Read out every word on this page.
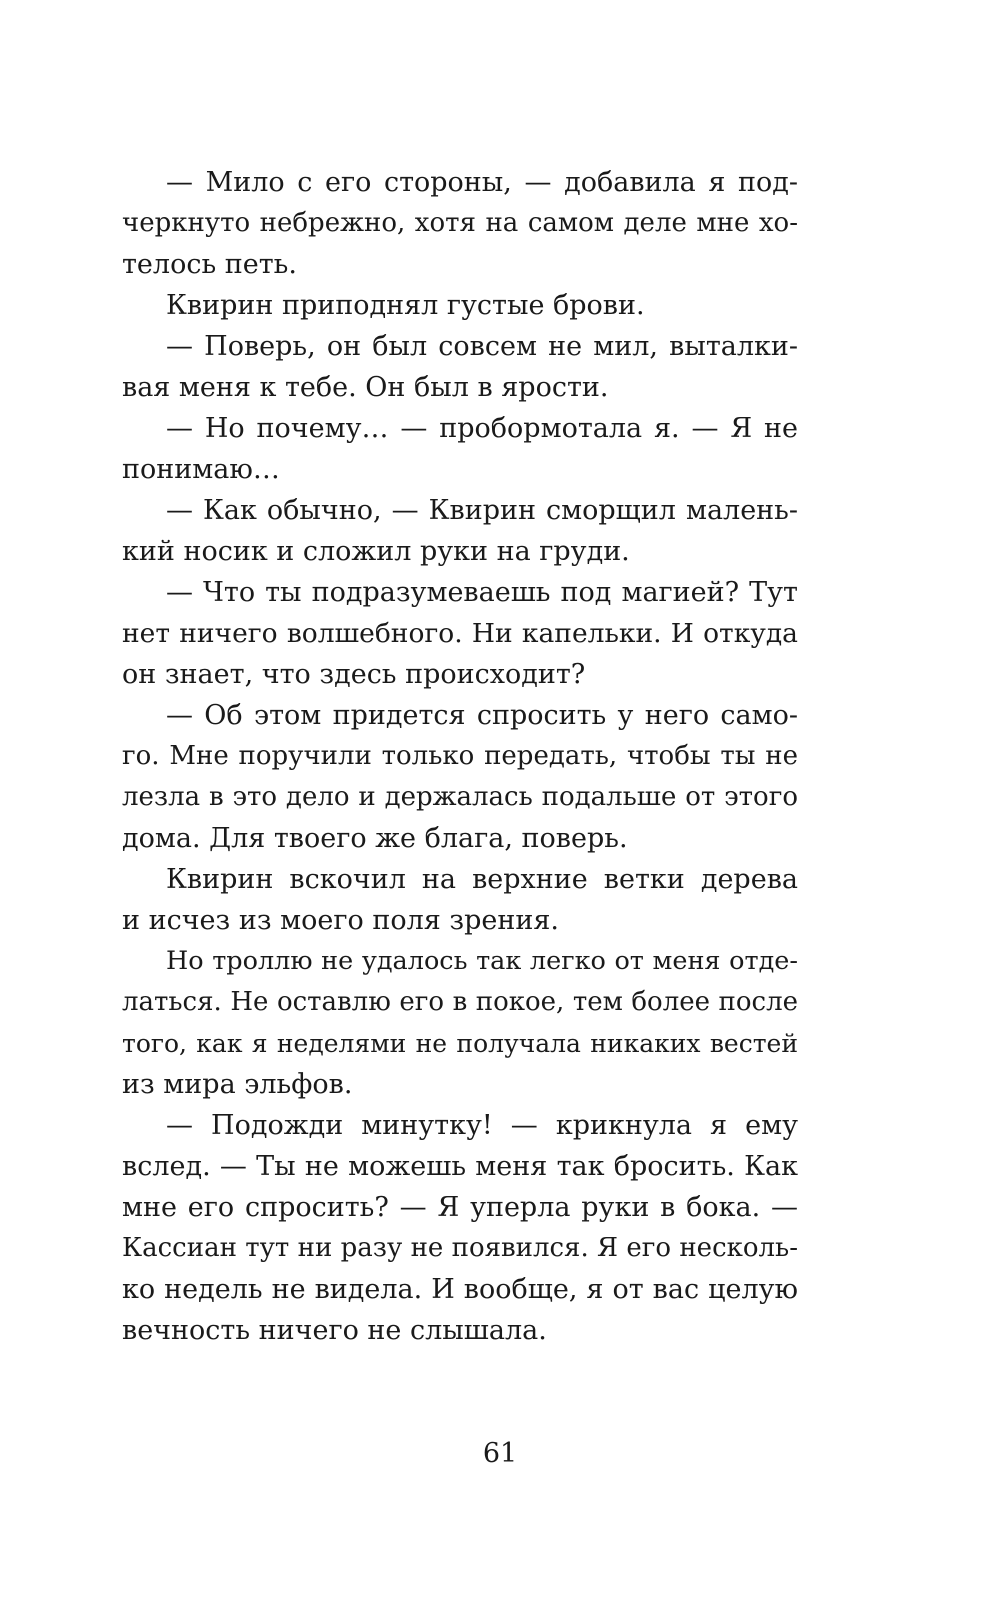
— Мило с его стороны, — добавила я под-
черкнуто небрежно, хотя на самом деле мне хо-
телось петь.
Квирин приподнял густые брови.
— Поверь, он был совсем не мил, выталки-
вая меня к тебе. Он был в ярости.
— Но почему… — пробормотала я. — Я не
понимаю…
— Как обычно, — Квирин сморщил малень-
кий носик и сложил руки на груди.
— Что ты подразумеваешь под магией? Тут
нет ничего волшебного. Ни капельки. И откуда
он знает, что здесь происходит?
— Об этом придется спросить у него само-
го. Мне поручили только передать, чтобы ты не
лезла в это дело и держалась подальше от этого
дома. Для твоего же блага, поверь.
Квирин вскочил на верхние ветки дерева
и исчез из моего поля зрения.
Но троллю не удалось так легко от меня отде-
латься. Не оставлю его в покое, тем более после
того, как я неделями не получала никаких вестей
из мира эльфов.
— Подожди минутку! — крикнула я ему
вслед. — Ты не можешь меня так бросить. Как
мне его спросить? — Я уперла руки в бока. —
Кассиан тут ни разу не появился. Я его несколь-
ко недель не видела. И вообще, я от вас целую
вечность ничего не слышала.
61
